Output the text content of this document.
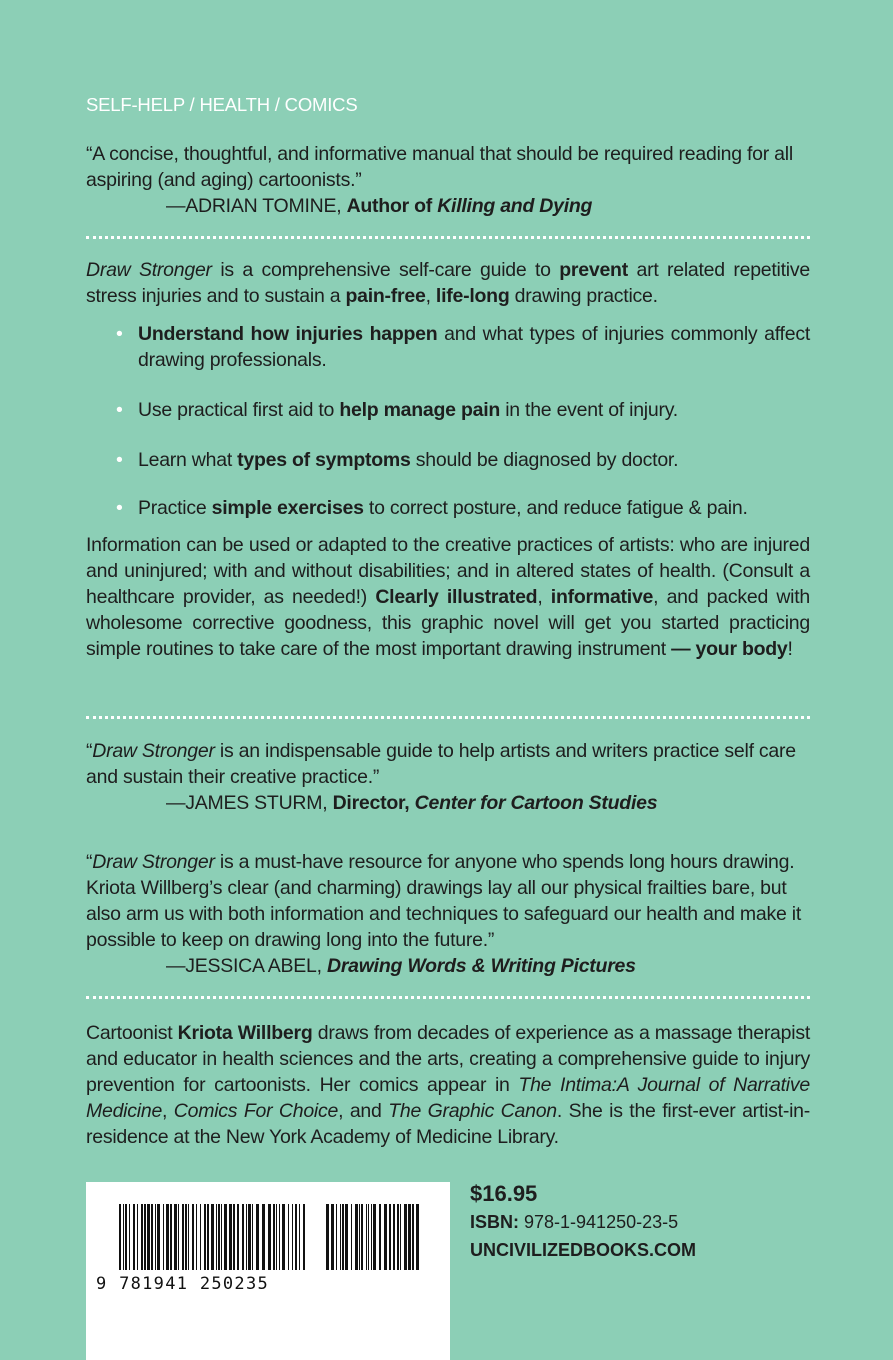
SELF-HELP / HEALTH / COMICS
“A concise, thoughtful, and informative manual that should be required reading for all aspiring (and aging) cartoonists.”
—ADRIAN TOMINE, Author of Killing and Dying
Draw Stronger is a comprehensive self-care guide to prevent art related repetitive stress injuries and to sustain a pain-free, life-long drawing practice.
• Understand how injuries happen and what types of injuries commonly affect drawing professionals.
• Use practical first aid to help manage pain in the event of injury.
• Learn what types of symptoms should be diagnosed by doctor.
• Practice simple exercises to correct posture, and reduce fatigue & pain.
Information can be used or adapted to the creative practices of artists: who are injured and uninjured; with and without disabilities; and in altered states of health. (Consult a healthcare provider, as needed!) Clearly illustrated, informative, and packed with wholesome corrective goodness, this graphic novel will get you started practicing simple routines to take care of the most important drawing instrument — your body!
“Draw Stronger is an indispensable guide to help artists and writers practice self care and sustain their creative practice.”
—JAMES STURM, Director, Center for Cartoon Studies
“Draw Stronger is a must-have resource for anyone who spends long hours drawing. Kriota Willberg’s clear (and charming) drawings lay all our physical frailties bare, but also arm us with both information and techniques to safeguard our health and make it possible to keep on drawing long into the future.”
—JESSICA ABEL, Drawing Words & Writing Pictures
Cartoonist Kriota Willberg draws from decades of experience as a massage therapist and educator in health sciences and the arts, creating a comprehensive guide to injury prevention for cartoonists. Her comics appear in The Intima:A Journal of Narrative Medicine, Comics For Choice, and The Graphic Canon. She is the first-ever artist-in-residence at the New York Academy of Medicine Library.
9 781941 250235
$16.95
ISBN: 978-1-941250-23-5
UNCIVILIZEDBOOKS.COM
